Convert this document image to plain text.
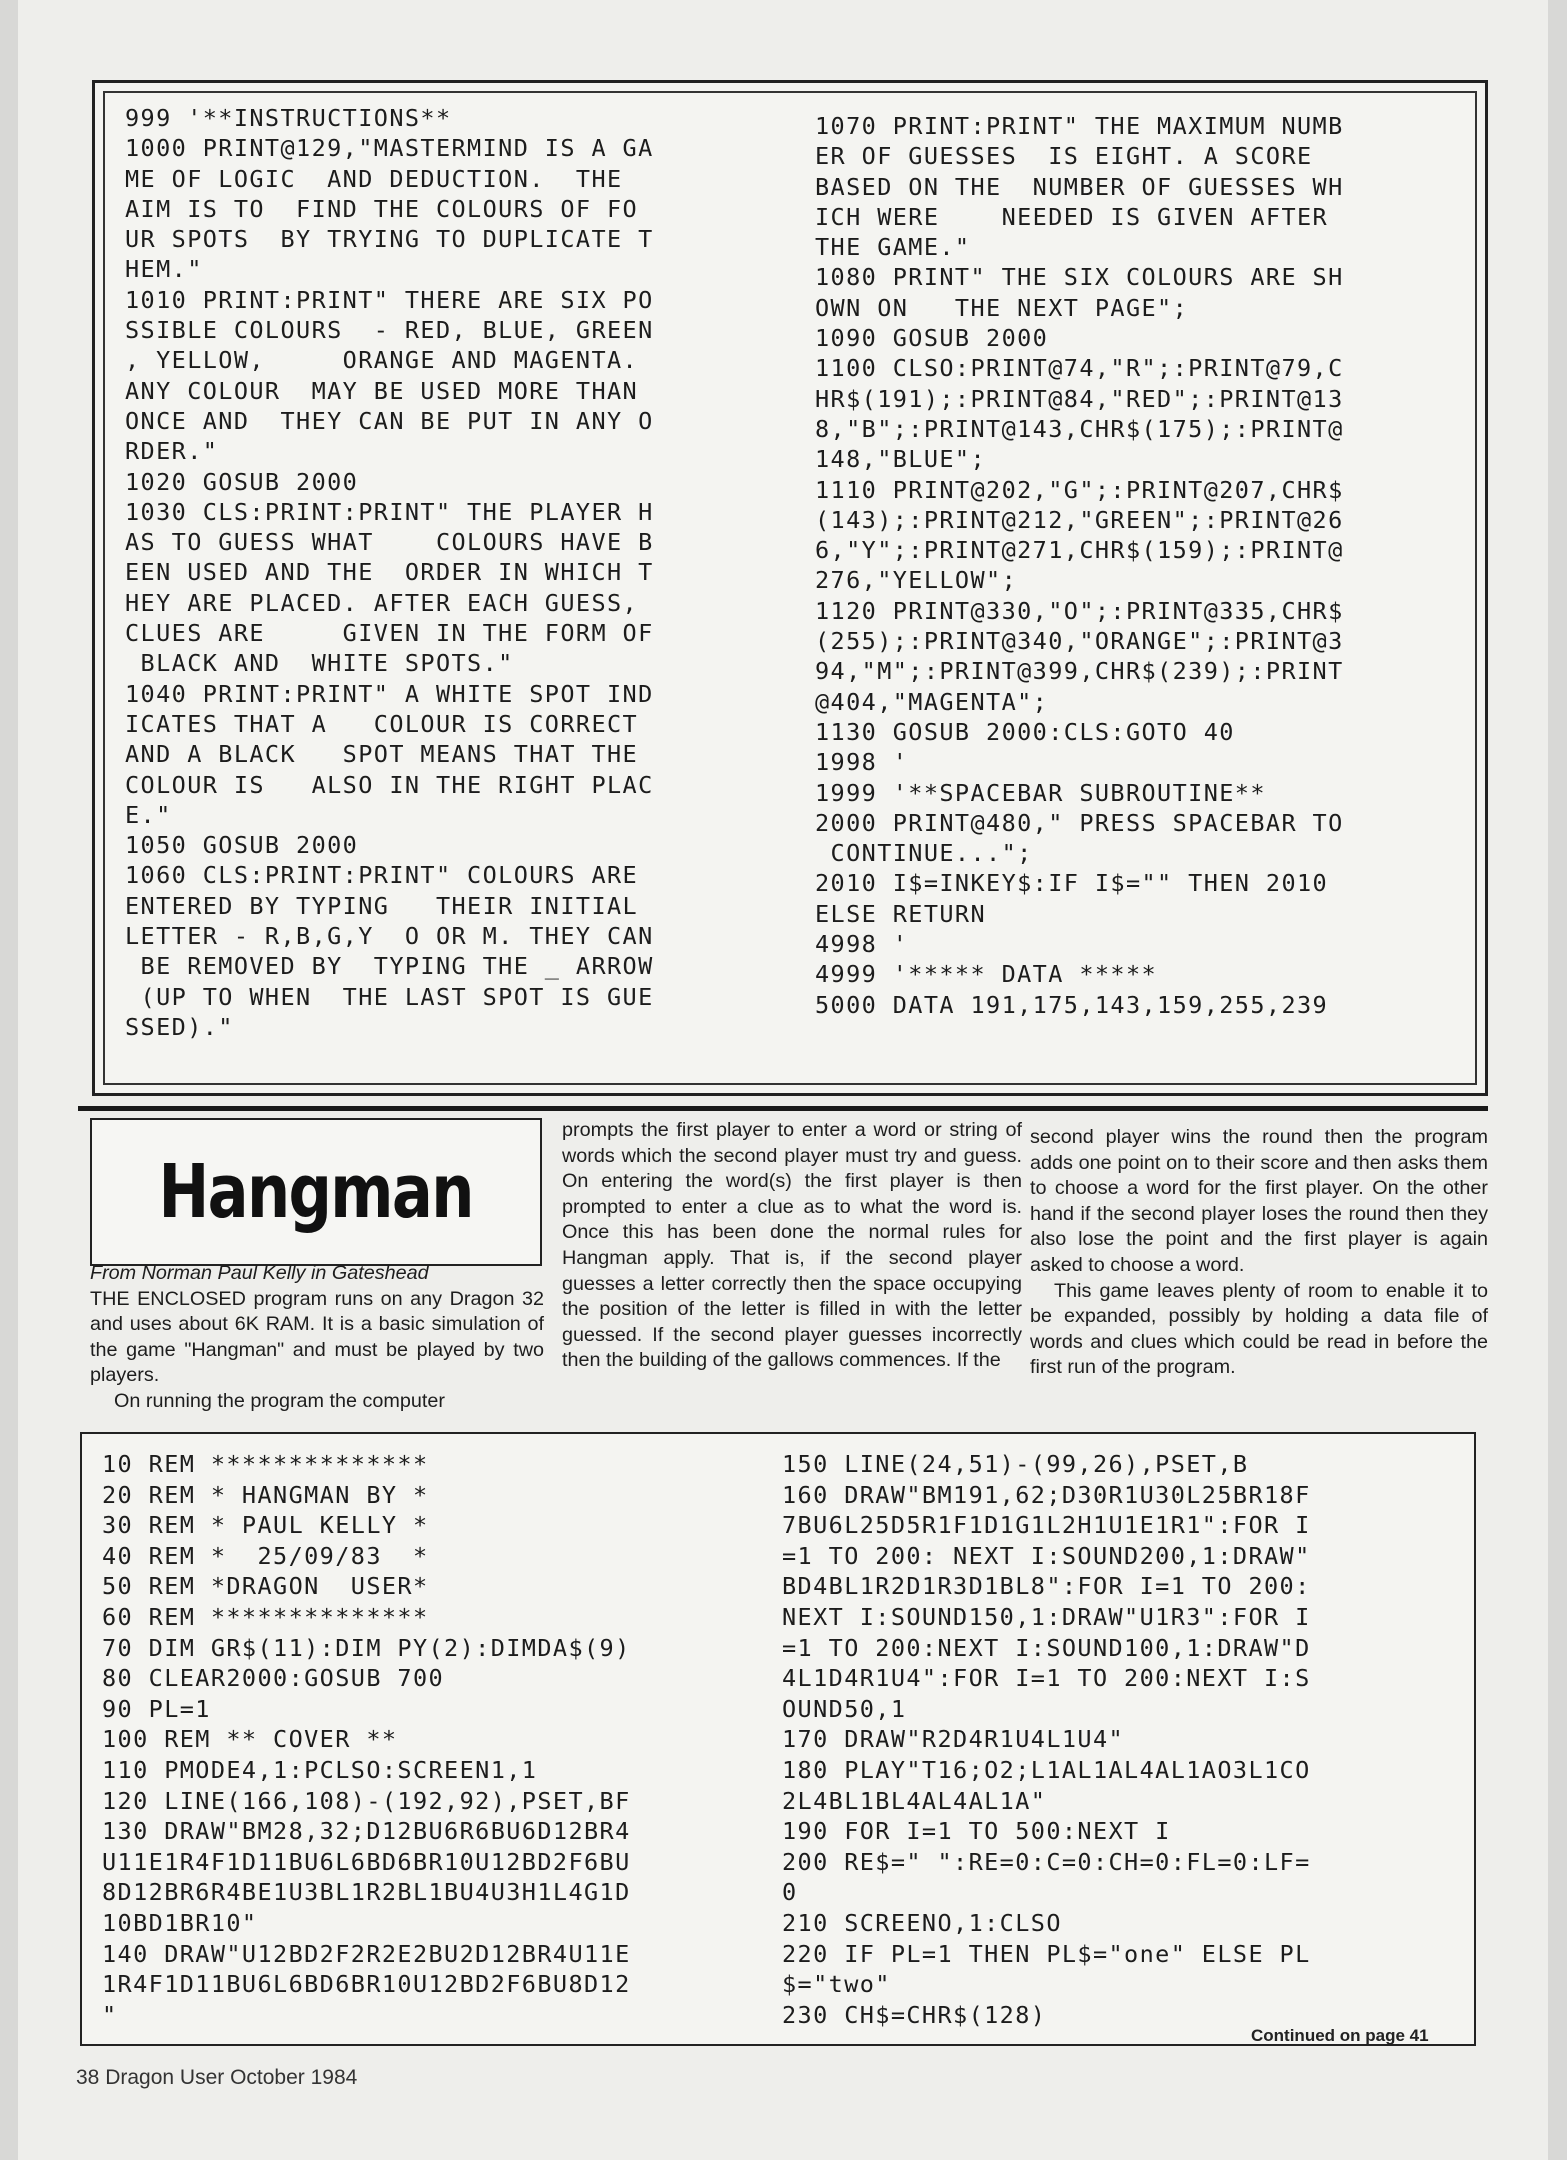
999 '**INSTRUCTIONS**
1000 PRINT@129,"MASTERMIND IS A GA
ME OF LOGIC  AND DEDUCTION.  THE
AIM IS TO  FIND THE COLOURS OF FO
UR SPOTS  BY TRYING TO DUPLICATE T
HEM."
1010 PRINT:PRINT" THERE ARE SIX PO
SSIBLE COLOURS  - RED, BLUE, GREEN
, YELLOW,     ORANGE AND MAGENTA.
ANY COLOUR  MAY BE USED MORE THAN
ONCE AND  THEY CAN BE PUT IN ANY O
RDER."
1020 GOSUB 2000
1030 CLS:PRINT:PRINT" THE PLAYER H
AS TO GUESS WHAT    COLOURS HAVE B
EEN USED AND THE  ORDER IN WHICH T
HEY ARE PLACED. AFTER EACH GUESS,
CLUES ARE     GIVEN IN THE FORM OF
BLACK AND  WHITE SPOTS."
1040 PRINT:PRINT" A WHITE SPOT IND
ICATES THAT A   COLOUR IS CORRECT
AND A BLACK   SPOT MEANS THAT THE
COLOUR IS   ALSO IN THE RIGHT PLAC
E."
1050 GOSUB 2000
1060 CLS:PRINT:PRINT" COLOURS ARE
ENTERED BY TYPING   THEIR INITIAL
LETTER - R,B,G,Y  O OR M. THEY CAN
BE REMOVED BY  TYPING THE _ ARROW
(UP TO WHEN  THE LAST SPOT IS GUE
SSED)."
1070 PRINT:PRINT" THE MAXIMUM NUMB
ER OF GUESSES  IS EIGHT. A SCORE
BASED ON THE  NUMBER OF GUESSES WH
ICH WERE    NEEDED IS GIVEN AFTER
THE GAME."
1080 PRINT" THE SIX COLOURS ARE SH
OWN ON   THE NEXT PAGE";
1090 GOSUB 2000
1100 CLSO:PRINT@74,"R";:PRINT@79,C
HR$(191);:PRINT@84,"RED";:PRINT@13
8,"B";:PRINT@143,CHR$(175);:PRINT@
148,"BLUE";
1110 PRINT@202,"G";:PRINT@207,CHR$
(143);:PRINT@212,"GREEN";:PRINT@26
6,"Y";:PRINT@271,CHR$(159);:PRINT@
276,"YELLOW";
1120 PRINT@330,"O";:PRINT@335,CHR$
(255);:PRINT@340,"ORANGE";:PRINT@3
94,"M";:PRINT@399,CHR$(239);:PRINT
@404,"MAGENTA";
1130 GOSUB 2000:CLS:GOTO 40
1998 '
1999 '**SPACEBAR SUBROUTINE**
2000 PRINT@480," PRESS SPACEBAR TO
CONTINUE...";
2010 I$=INKEY$:IF I$="" THEN 2010
ELSE RETURN
4998 '
4999 '***** DATA *****
5000 DATA 191,175,143,159,255,239
Hangman

From Norman Paul Kelly in Gateshead

THE ENCLOSED program runs on any Dragon 32 and uses about 6K RAM. It is a basic simulation of the game "Hangman" and must be played by two players.

On running the program the computer

prompts the first player to enter a word or string of words which the second player must try and guess. On entering the word(s) the first player is then prompted to enter a clue as to what the word is. Once this has been done the normal rules for Hangman apply. That is, if the second player guesses a letter correctly then the space occupying the position of the letter is filled in with the letter guessed. If the second player guesses incorrectly then the building of the gallows commences. If the

second player wins the round then the program adds one point on to their score and then asks them to choose a word for the first player. On the other hand if the second player loses the round then they also lose the point and the first player is again asked to choose a word.

This game leaves plenty of room to enable it to be expanded, possibly by holding a data file of words and clues which could be read in before the first run of the program.

10 REM **************
20 REM * HANGMAN BY *
30 REM * PAUL KELLY *
40 REM *  25/09/83  *
50 REM *DRAGON  USER*
60 REM **************
70 DIM GR$(11):DIM PY(2):DIMDA$(9)
80 CLEAR2000:GOSUB 700
90 PL=1
100 REM ** COVER **
110 PMODE4,1:PCLSO:SCREEN1,1
120 LINE(166,108)-(192,92),PSET,BF
130 DRAW"BM28,32;D12BU6R6BU6D12BR4
U11E1R4F1D11BU6L6BD6BR10U12BD2F6BU
8D12BR6R4BE1U3BL1R2BL1BU4U3H1L4G1D
10BD1BR10"
140 DRAW"U12BD2F2R2E2BU2D12BR4U11E
1R4F1D11BU6L6BD6BR10U12BD2F6BU8D12
"
150 LINE(24,51)-(99,26),PSET,B
160 DRAW"BM191,62;D30R1U30L25BR18F
7BU6L25D5R1F1D1G1L2H1U1E1R1":FOR I
=1 TO 200: NEXT I:SOUND200,1:DRAW"
BD4BL1R2D1R3D1BL8":FOR I=1 TO 200:
NEXT I:SOUND150,1:DRAW"U1R3":FOR I
=1 TO 200:NEXT I:SOUND100,1:DRAW"D
4L1D4R1U4":FOR I=1 TO 200:NEXT I:S
OUND50,1
170 DRAW"R2D4R1U4L1U4"
180 PLAY"T16;O2;L1AL1AL4AL1AO3L1CO
2L4BL1BL4AL4AL1A"
190 FOR I=1 TO 500:NEXT I
200 RE$=" ":RE=0:C=0:CH=0:FL=0:LF=
0
210 SCREENO,1:CLSO
220 IF PL=1 THEN PL$="one" ELSE PL
$="two"
230 CH$=CHR$(128)
Continued on page 41
38 Dragon User October 1984
